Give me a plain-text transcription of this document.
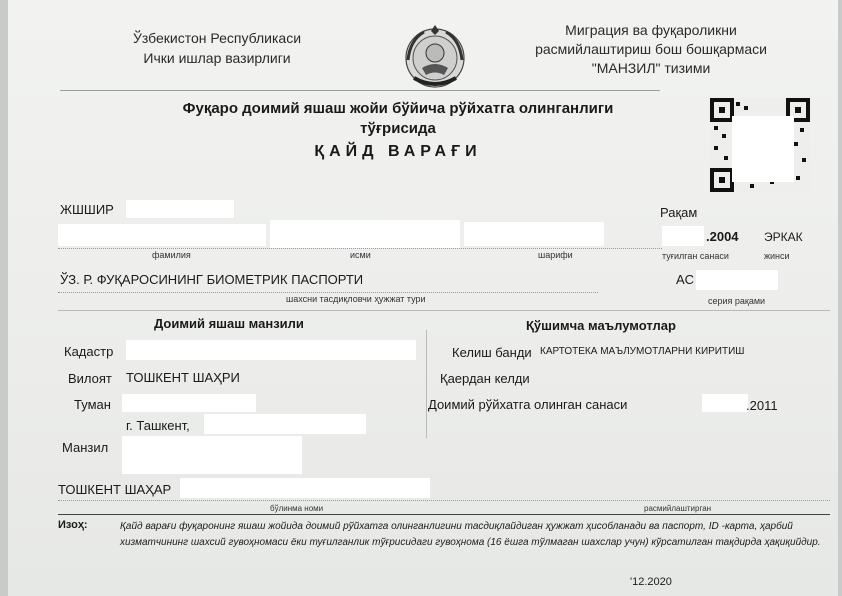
Ўзбекистон Республикаси
Ички ишлар вазирлиги
Миграция ва фуқароликни
расмийлаштириш бош бошқармаси
"МАНЗИЛ" тизими
Фуқаро доимий яшаш жойи бўйича рўйхатга олинганлиги
тўғрисида
ҚАЙД ВАРАҒИ
ЖШШИР	Рақам
.2004 ЭРКАК
фамилия	исми	шарифи	туғилган санаси	жинси
ЎЗ. Р. ФУҚАРОСИНИНГ БИОМЕТРИК ПАСПОРТИ	AC
шахсни тасдиқловчи ҳужжат тури	серия рақами
Доимий яшаш манзили
Кадастр
Вилоят ТОШКЕНТ ШАҲРИ
Туман
г. Ташкент,
Манзил
Қўшимча маълумотлар
Келиш банди КАРТОТЕКА МАЪЛУМОТЛАРНИ КИРИТИШ
Қаердан келди
Доимий рўйхатга олинган санаси	.2011
ТОШКЕНТ ШАҲАР
бўлинма номи	расмийлаштирган
Изоҳ:	Қайд варағи фуқаронинг яшаш жойида доимий рўйхатга олинганлигини тасдиқлайдиган ҳужжат ҳисобланади ва паспорт, ID -карта, ҳарбий хизматчининг шахсий гувоҳномаси ёки туғилганлик тўғрисидаги гувоҳнома (16 ёшга тўлмаган шахслар учун) кўрсатилган тақдирда ҳақиқийдир.
'12.2020
